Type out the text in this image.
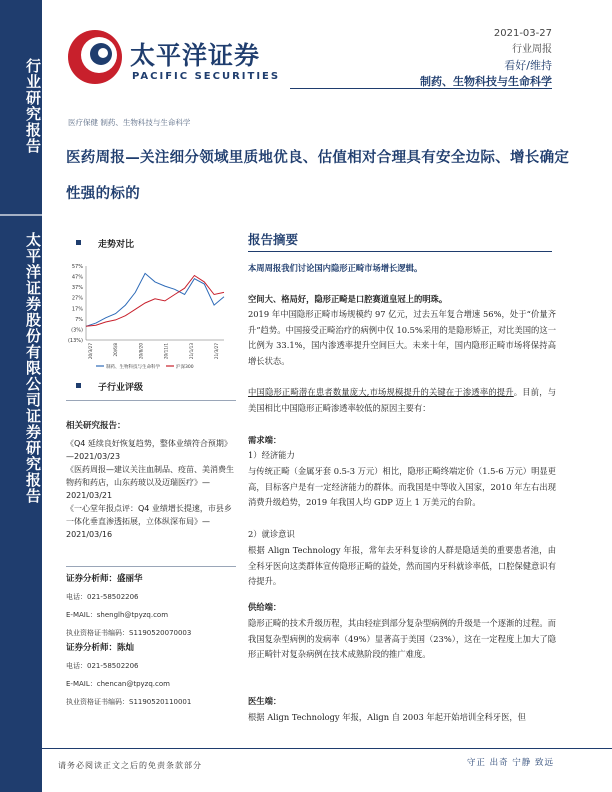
行业研究报告
太平洋证券股份有限公司证券研究报告
太平洋证券
PACIFIC SECURITIES
2021-03-27
行业周报
看好/维持
制药、生物科技与生命科学
医疗保健 制药、生物科技与生命科学
医药周报—关注细分领域里质地优良、估值相对合理具有安全边际、增长确定性强的标的
走势对比
57%
47%
37%
27%
17%
7%
(3%)
(13%)
20/3/27	20/6/8	20/8/20	20/11/1	21/1/13	21/3/27
制药、生物科技与生命科学	沪深300
子行业评级
相关研究报告：
《Q4 延续良好恢复趋势，整体业绩符合预期》—2021/03/23
《医药周报—建议关注血制品、疫苗、美消费生物药和药店，山东药玻以及迈瑞医疗》—2021/03/21
《一心堂年报点评：Q4 业绩增长提速，市县乡一体化垂直渗透拓展，立体纵深布局》—2021/03/16
证券分析师：盛丽华
电话：021-58502206
E-MAIL：shenglh@tpyzq.com
执业资格证书编码：S1190520070003
证券分析师：陈灿
电话：021-58502206
E-MAIL：chencan@tpyzq.com
执业资格证书编码：S1190520110001
报告摘要
本周周报我们讨论国内隐形正畸市场增长逻辑。
空间大、格局好，隐形正畸是口腔赛道皇冠上的明珠。
2019 年中国隐形正畸市场规模约 97 亿元，过去五年复合增速 56%，处于“价量齐升”趋势。中国接受正畸治疗的病例中仅 10.5%采用的是隐形矫正，对比美国的这一比例为 33.1%，国内渗透率提升空间巨大。未来十年，国内隐形正畸市场将保持高增长状态。
中国隐形正畸潜在患者数量庞大,市场规模提升的关键在于渗透率的提升。目前，与美国相比中国隐形正畸渗透率较低的原因主要有：
需求端：
1）经济能力
与传统正畸（金属牙套 0.5-3 万元）相比，隐形正畸终端定价（1.5-6 万元）明显更高，目标客户是有一定经济能力的群体。而我国是中等收入国家，2010 年左右出现消费升级趋势，2019 年我国人均 GDP 迈上 1 万美元的台阶。
2）就诊意识
根据 Align Technology 年报，常年去牙科复诊的人群是隐适美的重要患者池，由全科牙医向这类群体宣传隐形正畸的益处，然而国内牙科就诊率低，口腔保健意识有待提升。
供给端：
隐形正畸的技术升级历程，其由轻症到部分复杂型病例的升级是一个逐渐的过程。而我国复杂型病例的发病率（49%）显著高于美国（23%），这在一定程度上加大了隐形正畸针对复杂病例在技术成熟阶段的推广难度。
医生端：
根据 Align Technology 年报，Align 自 2003 年起开始培训全科牙医，但
请务必阅读正文之后的免责条款部分	守正 出奇 宁静 致远
